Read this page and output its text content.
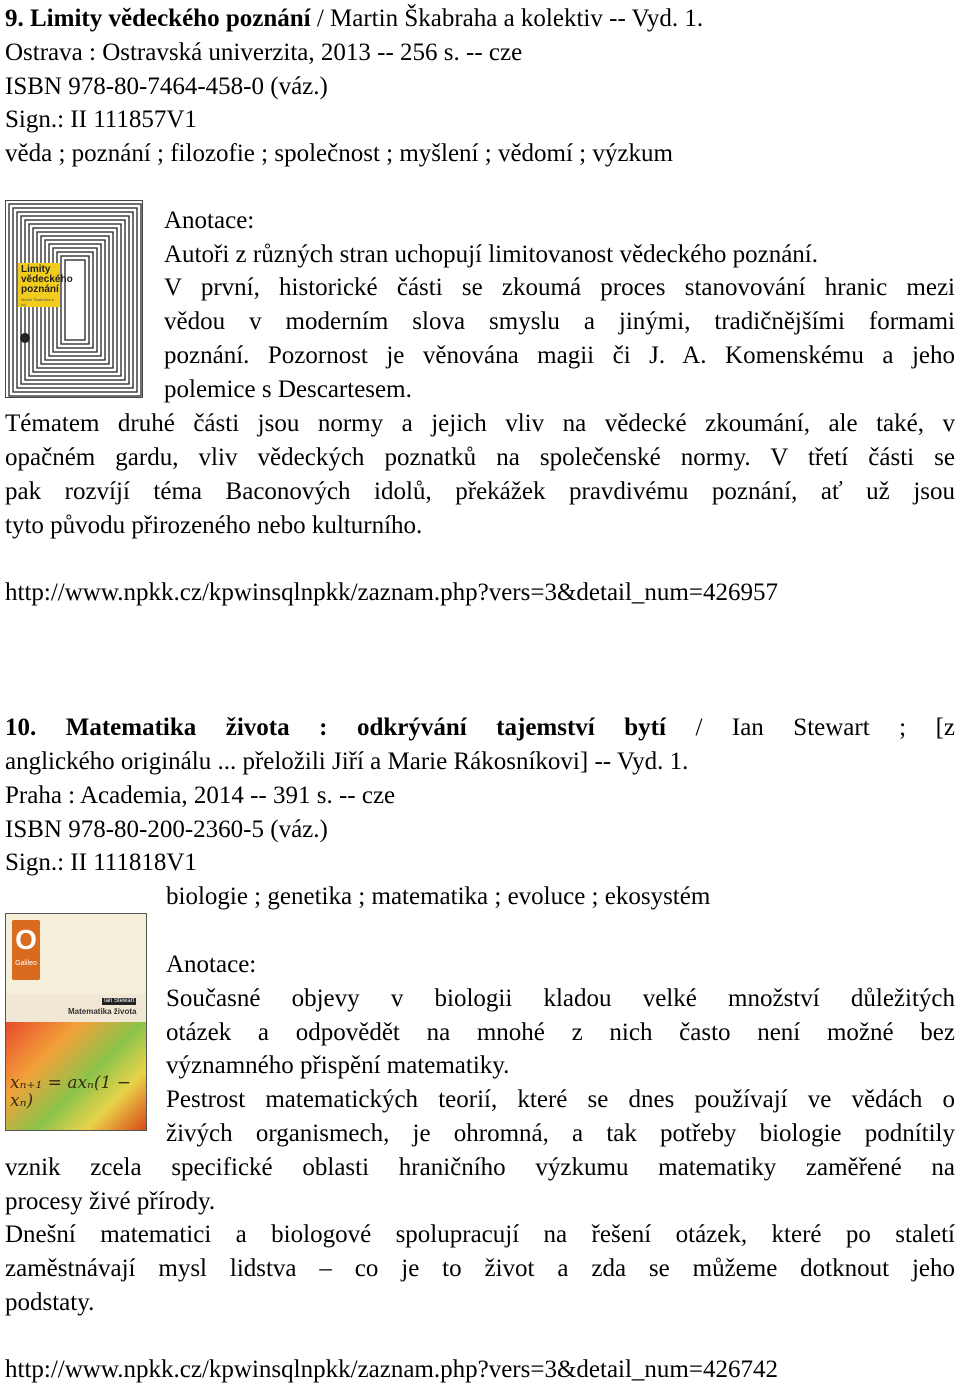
9. Limity vědeckého poznání / Martin Škabraha a kolektiv -- Vyd. 1.
Ostrava : Ostravská univerzita, 2013 -- 256 s. -- cze
ISBN 978-80-7464-458-0 (váz.)
Sign.: II 111857V1
věda ; poznání ; filozofie ; společnost ; myšlení ; vědomí ; výzkum
Limity
vědeckého
poznání
Martin Škabraha a kol.
Anotace:
Autoři z různých stran uchopují limitovanost vědeckého poznání.
V první, historické části se zkoumá proces stanovování hranic mezi
vědou v moderním slova smyslu a jinými, tradičnějšími formami
poznání. Pozornost je věnována magii či J. A. Komenskému a jeho
polemice s Descartesem.
Tématem druhé části jsou normy a jejich vliv na vědecké zkoumání, ale také, v
opačném gardu, vliv vědeckých poznatků na společenské normy. V třetí části se
pak rozvíjí téma Baconových idolů, překážek pravdivému poznání, ať už jsou
tyto původu přirozeného nebo kulturního.
http://www.npkk.cz/kpwinsqlnpkk/zaznam.php?vers=3&detail_num=426957
10. Matematika života : odkrývání tajemství bytí / Ian Stewart ; [z
anglického originálu ... přeložili Jiří a Marie Rákosníkovi] -- Vyd. 1.
Praha : Academia, 2014 -- 391 s. -- cze
ISBN 978-80-200-2360-5 (váz.)
Sign.: II 111818V1
biologie ; genetika ; matematika ; evoluce ; ekosystém
O
Galileo
Ian Stewart
Matematika života
xₙ₊₁ = axₙ(1 − xₙ)
Anotace:
Současné objevy v biologii kladou velké množství důležitých
otázek a odpovědět na mnohé z nich často není možné bez
významného přispění matematiky.
Pestrost matematických teorií, které se dnes používají ve vědách o
živých organismech, je ohromná, a tak potřeby biologie podnítily
vznik zcela specifické oblasti hraničního výzkumu matematiky zaměřené na
procesy živé přírody.
Dnešní matematici a biologové spolupracují na řešení otázek, které po staletí
zaměstnávají mysl lidstva – co je to život a zda se můžeme dotknout jeho
podstaty.
http://www.npkk.cz/kpwinsqlnpkk/zaznam.php?vers=3&detail_num=426742
